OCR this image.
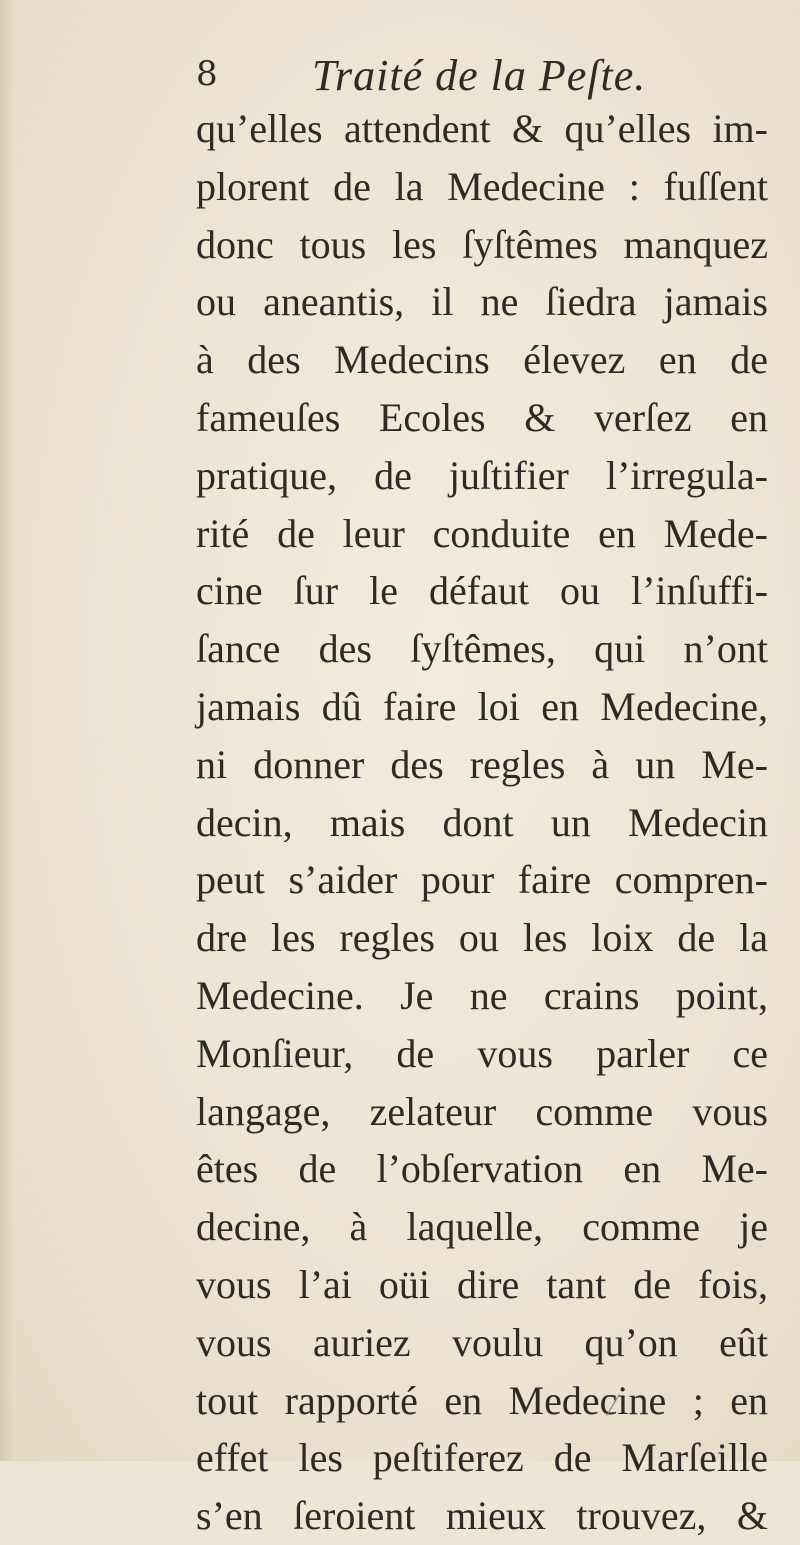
8 Traité de la Peſte.
qu’elles attendent & qu’elles im-
plorent de la Medecine : fuſſent
donc tous les ſyſtêmes manquez
ou aneantis, il ne ſiedra jamais
à des Medecins élevez en de
fameuſes Ecoles & verſez en
pratique, de juſtifier l’irregula-
rité de leur conduite en Mede-
cine ſur le défaut ou l’inſuffi-
ſance des ſyſtêmes, qui n’ont
jamais dû faire loi en Medecine,
ni donner des regles à un Me-
decin, mais dont un Medecin
peut s’aider pour faire compren-
dre les regles ou les loix de la
Medecine. Je ne crains point,
Monſieur, de vous parler ce
langage, zelateur comme vous
êtes de l’obſervation en Me-
decine, à laquelle, comme je
vous l’ai oüi dire tant de fois,
vous auriez voulu qu’on eût
tout rapporté en Medecine ; en
effet les peſtiferez de Marſeille
s’en ſeroient mieux trouvez, &
